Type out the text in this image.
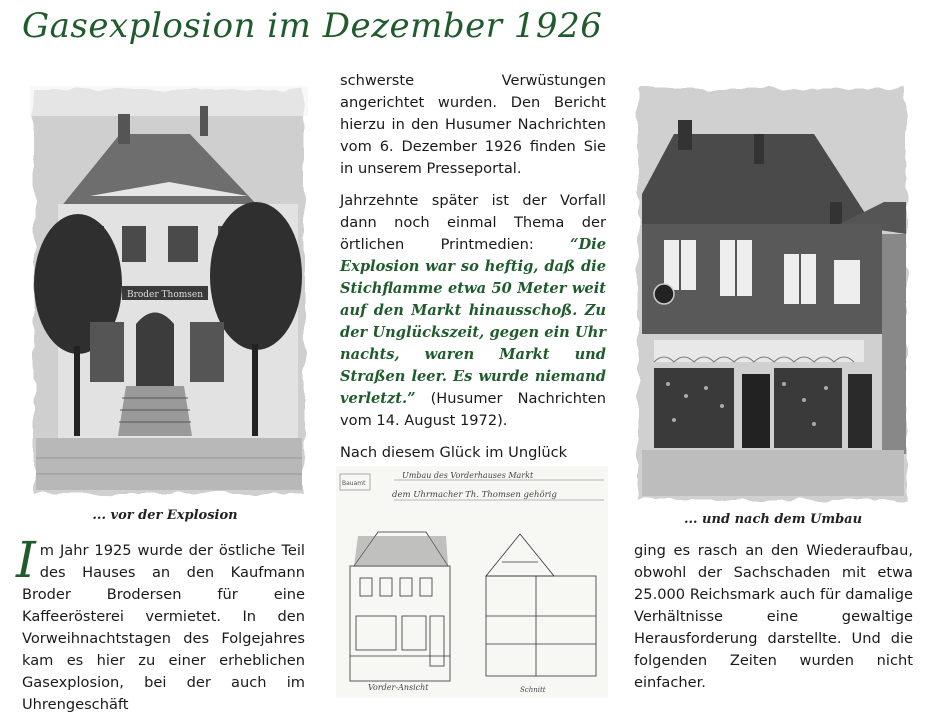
Gasexplosion im Dezember 1926
Broder Thomsen
... vor der Explosion

Im Jahr 1925 wurde der östliche Teil des Hauses an den Kaufmann Broder Brodersen für eine Kaffeerösterei vermietet. In den Vorweihnachtstagen des Folgejahres kam es hier zu einer erheblichen Gasexplosion, bei der auch im Uhrengeschäft

schwerste Verwüstungen angerichtet wurden. Den Bericht hierzu in den Husumer Nachrichten vom 6. Dezember 1926 finden Sie in unserem Presseportal.

Jahrzehnte später ist der Vorfall dann noch einmal Thema der örtlichen Printmedien: “Die Explosion war so heftig, daß die Stichflamme etwa 50 Meter weit auf den Markt hinausschoß. Zu der Unglückszeit, gegen ein Uhr nachts, waren Markt und Straßen leer. Es wurde niemand verletzt.” (Husumer Nachrichten vom 14. August 1972).

Nach diesem Glück im Unglück

Umbau des Vorderhauses Markt
dem Uhrmacher Th. Thomsen gehörig
Bauamt
Vorder-Ansicht	Schnitt
... und nach dem Umbau

ging es rasch an den Wiederaufbau, obwohl der Sachschaden mit etwa 25.000 Reichsmark auch für damalige Verhältnisse eine gewaltige Herausforderung darstellte. Und die folgenden Zeiten wurden nicht einfacher.
